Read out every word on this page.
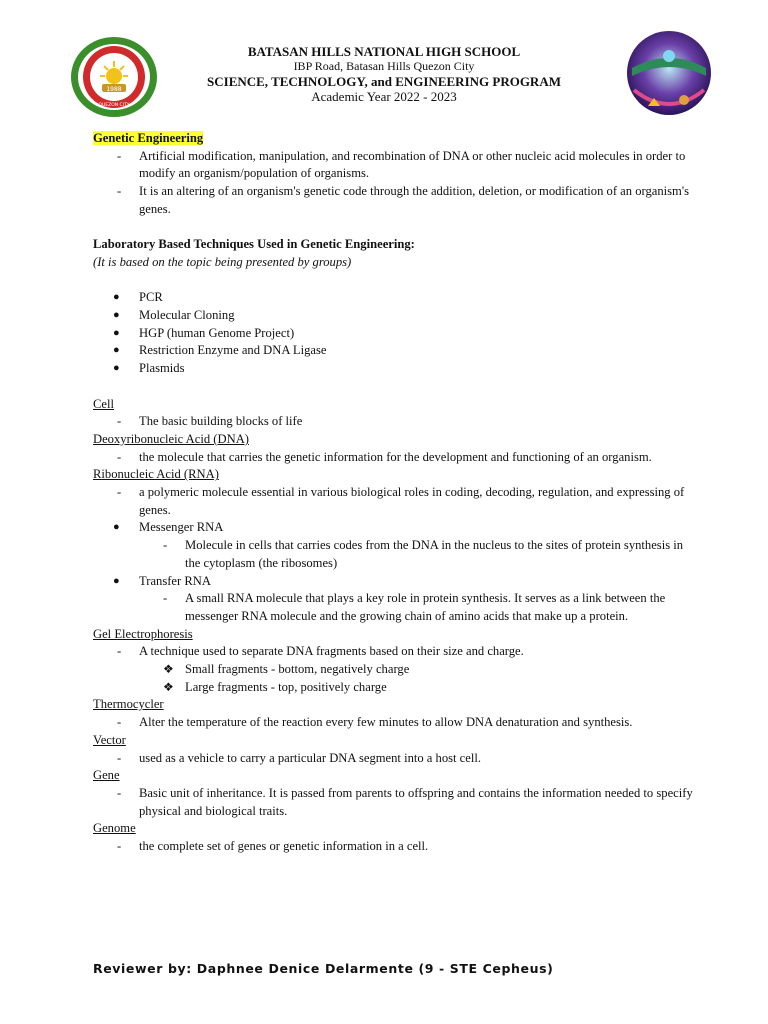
1988
QUEZON CITY
BATASAN HILLS NATIONAL HIGH SCHOOL
IBP Road, Batasan Hills Quezon City
SCIENCE, TECHNOLOGY, and ENGINEERING PROGRAM
Academic Year 2022 - 2023
Genetic Engineering
- Artificial modification, manipulation, and recombination of DNA or other nucleic acid molecules in order to modify an organism/population of organisms.
- It is an altering of an organism's genetic code through the addition, deletion, or modification of an organism's genes.
Laboratory Based Techniques Used in Genetic Engineering:
(It is based on the topic being presented by groups)
● PCR
● Molecular Cloning
● HGP (human Genome Project)
● Restriction Enzyme and DNA Ligase
● Plasmids
Cell
- The basic building blocks of life
Deoxyribonucleic Acid (DNA)
- the molecule that carries the genetic information for the development and functioning of an organism.
Ribonucleic Acid (RNA)
- a polymeric molecule essential in various biological roles in coding, decoding, regulation, and expressing of genes.
● Messenger RNA
- Molecule in cells that carries codes from the DNA in the nucleus to the sites of protein synthesis in the cytoplasm (the ribosomes)
● Transfer RNA
- A small RNA molecule that plays a key role in protein synthesis. It serves as a link between the messenger RNA molecule and the growing chain of amino acids that make up a protein.
Gel Electrophoresis
- A technique used to separate DNA fragments based on their size and charge.
❖ Small fragments - bottom, negatively charge
❖ Large fragments - top, positively charge
Thermocycler
- Alter the temperature of the reaction every few minutes to allow DNA denaturation and synthesis.
Vector
- used as a vehicle to carry a particular DNA segment into a host cell.
Gene
- Basic unit of inheritance. It is passed from parents to offspring and contains the information needed to specify physical and biological traits.
Genome
- the complete set of genes or genetic information in a cell.
Reviewer by: Daphnee Denice Delarmente (9 - STE Cepheus)
